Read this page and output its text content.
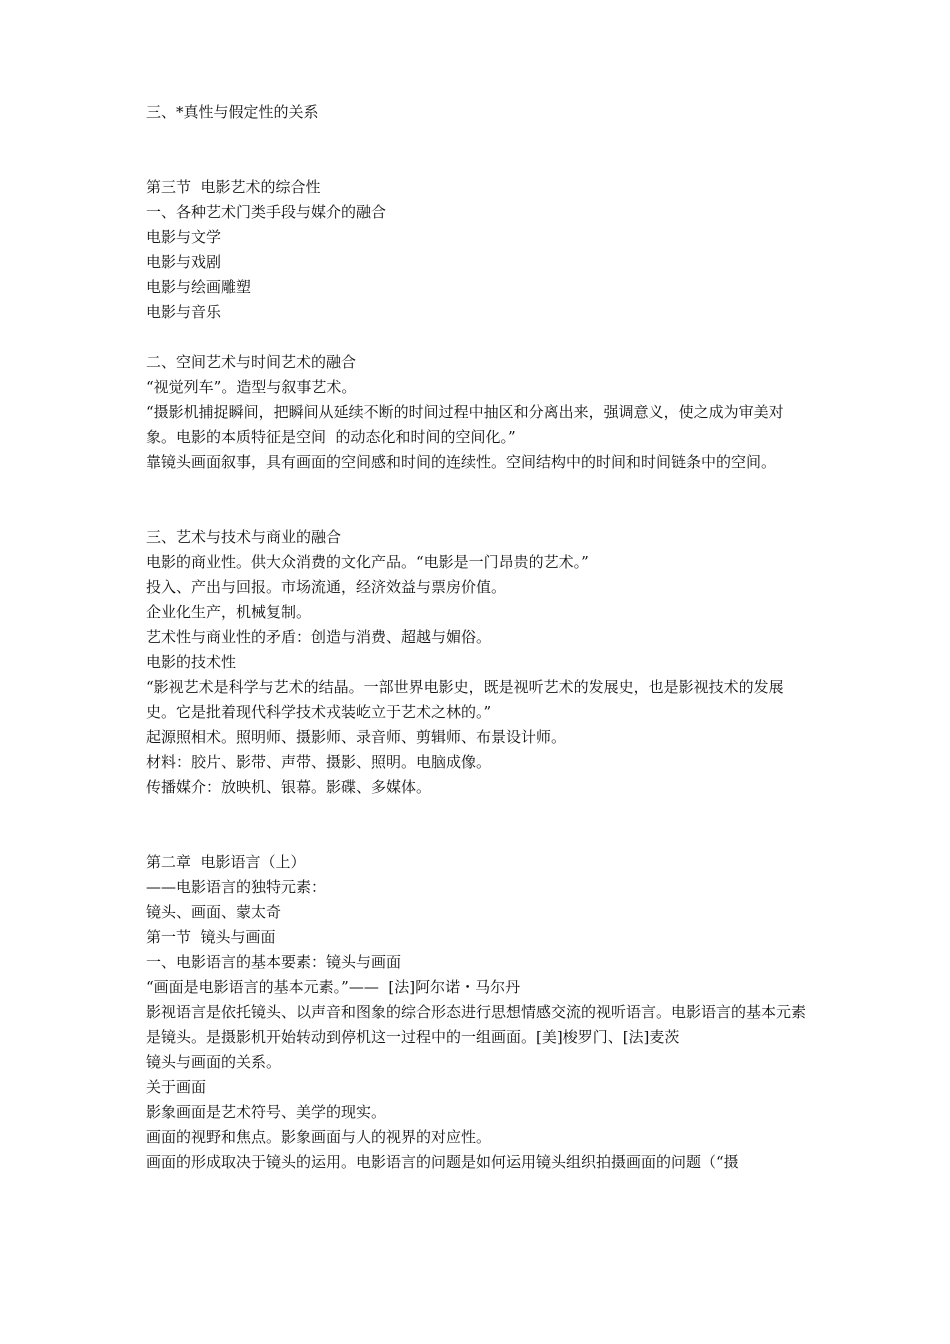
三、*真性与假定性的关系

第三节  电影艺术的综合性

一、各种艺术门类手段与媒介的融合

电影与文学

电影与戏剧

电影与绘画雕塑

电影与音乐

二、空间艺术与时间艺术的融合

“视觉列车”。造型与叙事艺术。

“摄影机捕捉瞬间，把瞬间从延续不断的时间过程中抽区和分离出来，强调意义，使之成为审美对象。电影的本质特征是空间  的动态化和时间的空间化。”

靠镜头画面叙事，具有画面的空间感和时间的连续性。空间结构中的时间和时间链条中的空间。

三、艺术与技术与商业的融合

电影的商业性。供大众消费的文化产品。“电影是一门昂贵的艺术。”

投入、产出与回报。市场流通，经济效益与票房价值。

企业化生产，机械复制。

艺术性与商业性的矛盾：创造与消费、超越与媚俗。

电影的技术性

“影视艺术是科学与艺术的结晶。一部世界电影史，既是视听艺术的发展史，也是影视技术的发展史。它是批着现代科学技术戎装屹立于艺术之林的。”

起源照相术。照明师、摄影师、录音师、剪辑师、布景设计师。

材料：胶片、影带、声带、摄影、照明。电脑成像。

传播媒介：放映机、银幕。影碟、多媒体。

第二章  电影语言（上）

——电影语言的独特元素：

镜头、画面、蒙太奇

第一节  镜头与画面

一、电影语言的基本要素：镜头与画面

“画面是电影语言的基本元素。”——  [法]阿尔诺・马尔丹

影视语言是依托镜头、以声音和图象的综合形态进行思想情感交流的视听语言。电影语言的基本元素是镜头。是摄影机开始转动到停机这一过程中的一组画面。[美]梭罗门、[法]麦茨

镜头与画面的关系。

关于画面

影象画面是艺术符号、美学的现实。

画面的视野和焦点。影象画面与人的视界的对应性。

画面的形成取决于镜头的运用。电影语言的问题是如何运用镜头组织拍摄画面的问题（“摄
